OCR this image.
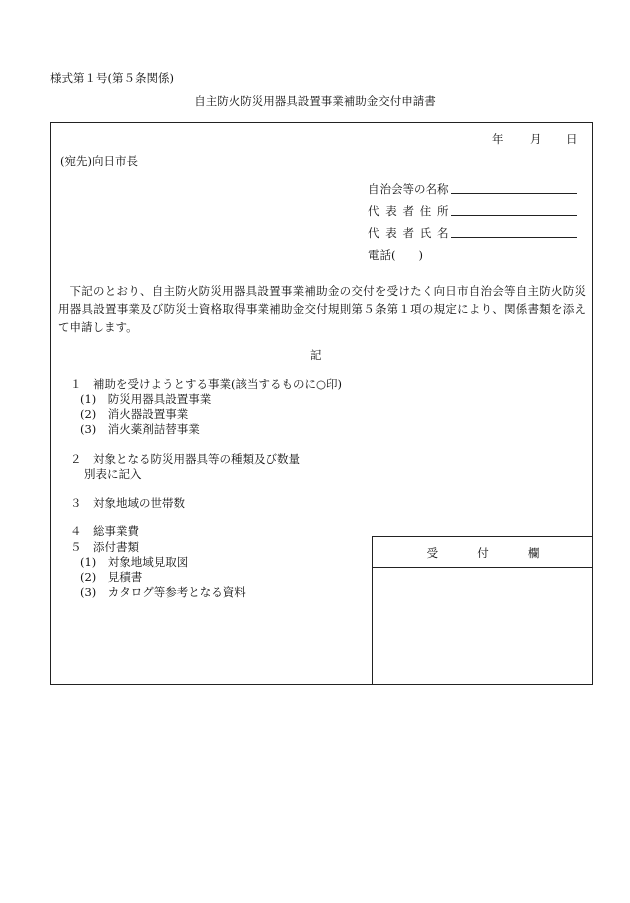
様式第１号(第５条関係)
自主防火防災用器具設置事業補助金交付申請書
年 月 日
(宛先)向日市長
自治会等の名称
代表者住所
代表者氏名
電話(　　)
下記のとおり、自主防火防災用器具設置事業補助金の交付を受けたく向日市自治会等自主防火防災用器具設置事業及び防災士資格取得事業補助金交付規則第５条第１項の規定により、関係書類を添えて申請します。
記
１　補助を受けようとする事業(該当するものに○印)
(1)　防災用器具設置事業
(2)　消火器設置事業
(3)　消火薬剤詰替事業
２　対象となる防災用器具等の種類及び数量
別表に記入
３　対象地域の世帯数
４　総事業費
５　添付書類
(1)　対象地域見取図
(2)　見積書
(3)　カタログ等参考となる資料
受付欄
